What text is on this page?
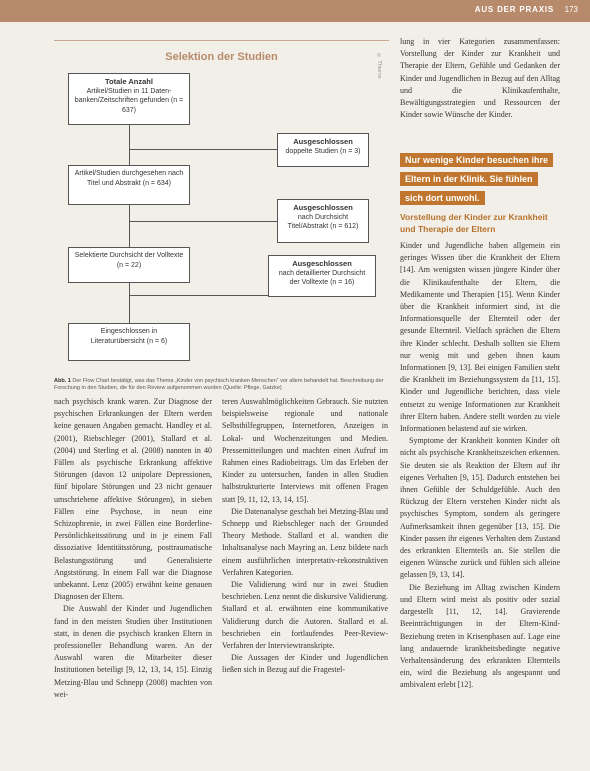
AUS DER PRAXIS 173
Selektion der Studien	© Thieme
Totale Anzahl
Artikel/Studien in 11 Daten-banken/Zeitschriften gefunden (n = 637)
Ausgeschlossen
doppelte Studien (n = 3)
Artikel/Studien durchgesehen nach Titel und Abstrakt (n = 634)
Ausgeschlossen
nach Durchsicht Titel/Abstrakt (n = 612)
Selektierte Durchsicht der Volltexte (n = 22)	Ausgeschlossen
nach detaillierter Durchsicht der Volltexte (n = 16)
Eingeschlossen in Literaturübersicht (n = 6)
Abb. 1 Der Flow Chart bestätigt, was das Thema „Kinder von psychisch kranken Menschen“ vor allem behandelt hat. Beschreibung der Forschung in den Studien, die für den Review aufgenommen wurden (Quelle: Pflege, Gatzke)

nach psychisch krank waren. Zur Diagnose der psychischen Erkrankungen der Eltern werden keine genauen Angaben gemacht. Handley et al. (2001), Riebschleger (2001), Stallard et al. (2004) und Sterling et al. (2008) nannten in 40 Fällen als psychische Erkrankung affektive Störungen (davon 12 unipolare Depressionen, fünf bipolare Störungen und 23 nicht genauer umschriebene affektive Störungen), in sieben Fällen eine Psychose, in neun eine Schizophrenie, in zwei Fällen eine Borderline-Persönlichkeitsstörung und in je einem Fall dissoziative Identitätsstörung, posttraumatische Belastungsstörung und Generalisierte Angststörung. In einem Fall war die Diagnose unbekannt. Lenz (2005) erwähnt keine genauen Diagnosen der Eltern.

Die Auswahl der Kinder und Jugendlichen fand in den meisten Studien über Institutionen statt, in denen die psychisch kranken Eltern in professioneller Behandlung waren. An der Auswahl waren die Mitarbeiter dieser Institutionen beteiligt [9, 12, 13, 14, 15]. Einzig Metzing-Blau und Schnepp (2008) machten von wei-

teren Auswahlmöglichkeiten Gebrauch. Sie nutzten beispielsweise regionale und nationale Selbsthilfegruppen, Internetforen, Anzeigen in Lokal- und Wochenzeitungen und Medien. Pressemitteilungen und machten einen Aufruf im Rahmen eines Radiobeitrags. Um das Erleben der Kinder zu untersuchen, fanden in allen Studien halbstrukturierte Interviews mit offenen Fragen statt [9, 11, 12, 13, 14, 15].

Die Datenanalyse geschah bei Metzing-Blau und Schnepp und Riebschleger nach der Grounded Theory Methode. Stallard et al. wandten die Inhaltsanalyse nach Mayring an. Lenz bildete nach einem ausführlichen interpretativ-rekonstruktiven Verfahren Kategorien.

Die Validierung wird nur in zwei Studien beschrieben. Lenz nennt die diskursive Validierung. Stallard et al. erwähnten eine kommunikative Validierung durch die Autoren. Stallard et al. beschrieben ein fortlaufendes Peer-Review-Verfahren der Interviewtranskripte.

Die Aussagen der Kinder und Jugendlichen ließen sich in Bezug auf die Fragestel-

lung in vier Kategorien zusammenfassen: Vorstellung der Kinder zur Krankheit und Therapie der Eltern, Gefühle und Gedanken der Kinder und Jugendlichen in Bezug auf den Alltag und die Klinikaufenthalte, Bewältigungsstrategien und Ressourcen der Kinder sowie Wünsche der Kinder.

Nur wenige Kinder besuchen ihre Eltern in der Klinik. Sie fühlen sich dort unwohl.
Vorstellung der Kinder zur Krankheit und Therapie der Eltern

Kinder und Jugendliche haben allgemein ein geringes Wissen über die Krankheit der Eltern [14]. Am wenigsten wissen jüngere Kinder über die Klinikaufenthalte der Eltern, die Medikamente und Therapien [15]. Wenn Kinder über die Krankheit informiert sind, ist die Informationsquelle der Elternteil oder der gesunde Elternteil. Vielfach sprächen die Eltern ihre Kinder schlecht. Deshalb sollten sie Eltern nur wenig mit und geben ihnen kaum Informationen [9, 13]. Bei einigen Familien steht die Krankheit im Beziehungssystem da [11, 15]. Kinder und Jugendliche berichten, dass viele entsetzt zu wenige Informationen zur Krankheit ihrer Eltern haben. Andere stellt worden zu viele Informationen belastend auf sie wirken.

Symptome der Krankheit konnten Kinder oft nicht als psychische Krankheitszeichen erkennen. Sie deuten sie als Reaktion der Eltern auf ihr eigenes Verhalten [9, 15]. Dadurch entstehen bei ihnen Gefühle der Schuldgefühle. Auch den Rückzug der Eltern verstehen Kinder nicht als psychisches Symptom, sondern als geringere Aufmerksamkeit ihnen gegenüber [13, 15]. Die Kinder passen ihr eigenes Verhalten dem Zustand des erkrankten Elternteils an. Sie stellen die eigenen Wünsche zurück und fühlen sich alleine gelassen [9, 13, 14].

Die Beziehung im Alltag zwischen Kindern und Eltern wird meist als positiv oder sozial dargestellt [11, 12, 14]. Gravierende Beeinträchtigungen in der Eltern-Kind-Beziehung treten in Krisenphasen auf. Lage eine lang andauernde krankheitsbedingte negative Verhaltensänderung des erkrankten Elternteils ein, wird die Beziehung als angespannt und ambivalent erlebt [12].
